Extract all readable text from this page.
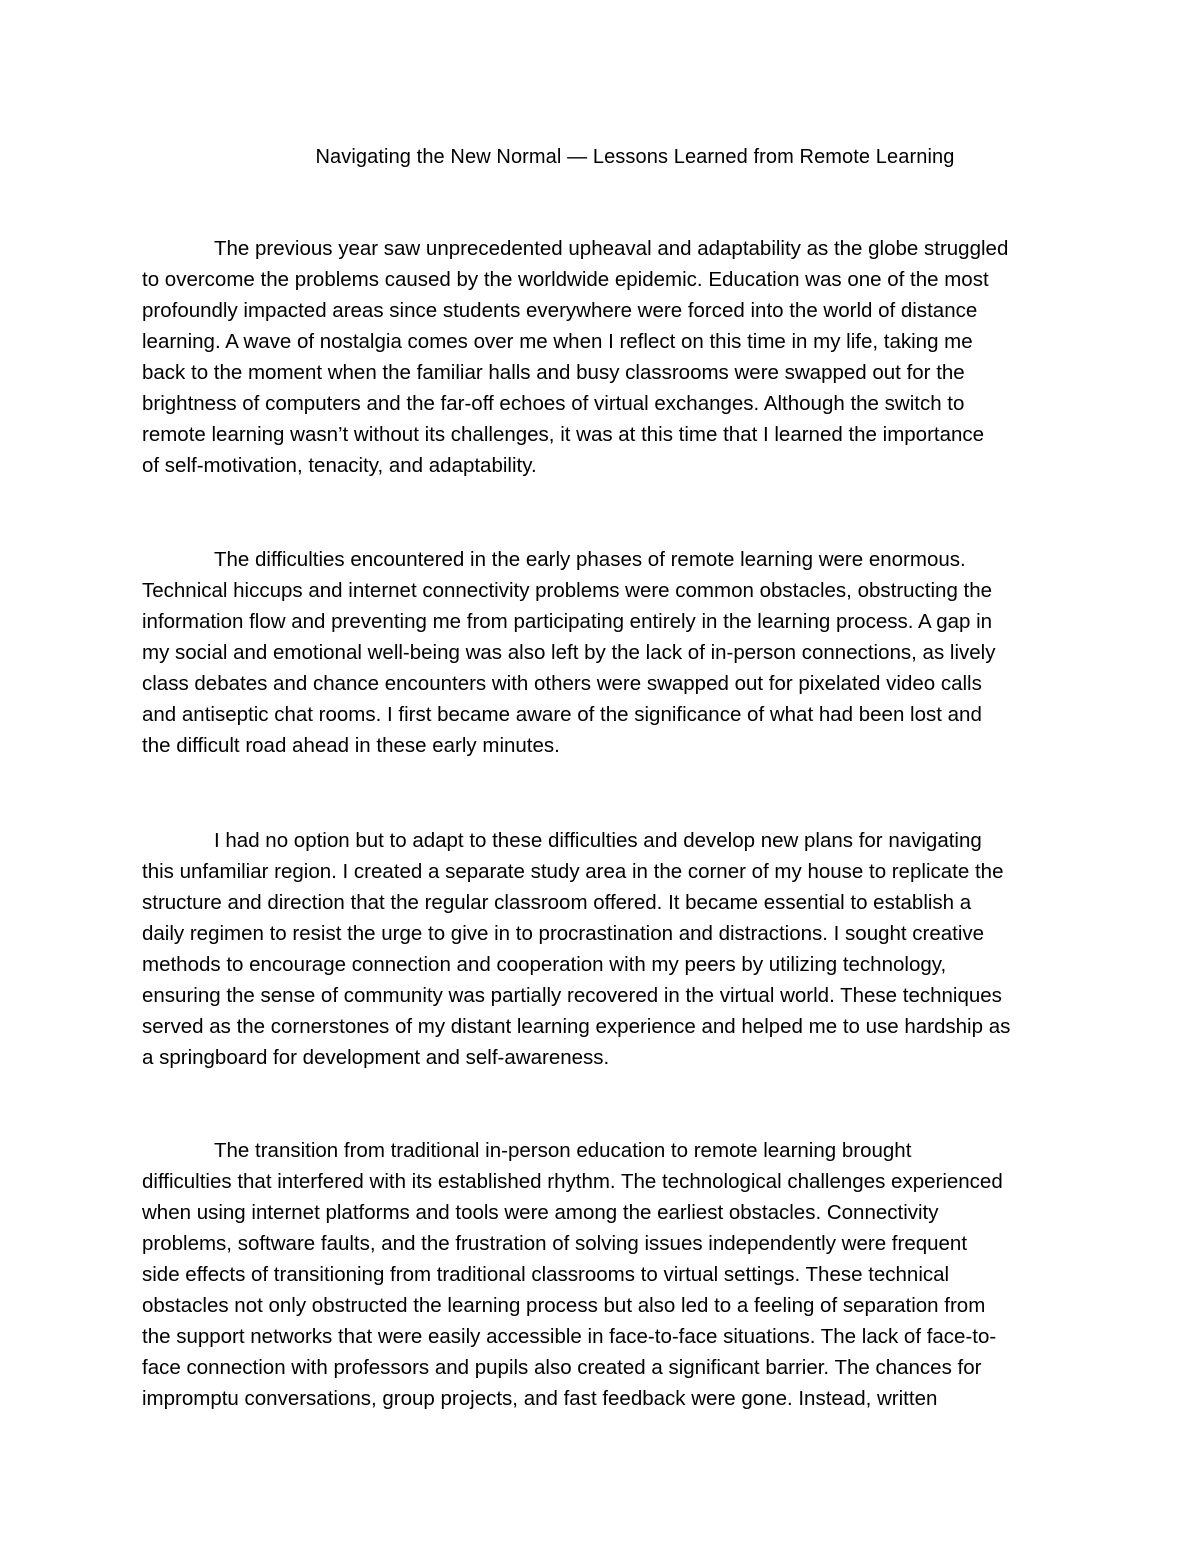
Navigating the New Normal — Lessons Learned from Remote Learning

The previous year saw unprecedented upheaval and adaptability as the globe struggled
to overcome the problems caused by the worldwide epidemic. Education was one of the most
profoundly impacted areas since students everywhere were forced into the world of distance
learning. A wave of nostalgia comes over me when I reflect on this time in my life, taking me
back to the moment when the familiar halls and busy classrooms were swapped out for the
brightness of computers and the far-off echoes of virtual exchanges. Although the switch to
remote learning wasn’t without its challenges, it was at this time that I learned the importance
of self-motivation, tenacity, and adaptability.

The difficulties encountered in the early phases of remote learning were enormous.
Technical hiccups and internet connectivity problems were common obstacles, obstructing the
information flow and preventing me from participating entirely in the learning process. A gap in
my social and emotional well-being was also left by the lack of in-person connections, as lively
class debates and chance encounters with others were swapped out for pixelated video calls
and antiseptic chat rooms. I first became aware of the significance of what had been lost and
the difficult road ahead in these early minutes.

I had no option but to adapt to these difficulties and develop new plans for navigating
this unfamiliar region. I created a separate study area in the corner of my house to replicate the
structure and direction that the regular classroom offered. It became essential to establish a
daily regimen to resist the urge to give in to procrastination and distractions. I sought creative
methods to encourage connection and cooperation with my peers by utilizing technology,
ensuring the sense of community was partially recovered in the virtual world. These techniques
served as the cornerstones of my distant learning experience and helped me to use hardship as
a springboard for development and self-awareness.

The transition from traditional in-person education to remote learning brought
difficulties that interfered with its established rhythm. The technological challenges experienced
when using internet platforms and tools were among the earliest obstacles. Connectivity
problems, software faults, and the frustration of solving issues independently were frequent
side effects of transitioning from traditional classrooms to virtual settings. These technical
obstacles not only obstructed the learning process but also led to a feeling of separation from
the support networks that were easily accessible in face-to-face situations. The lack of face-to-
face connection with professors and pupils also created a significant barrier. The chances for
impromptu conversations, group projects, and fast feedback were gone. Instead, written
